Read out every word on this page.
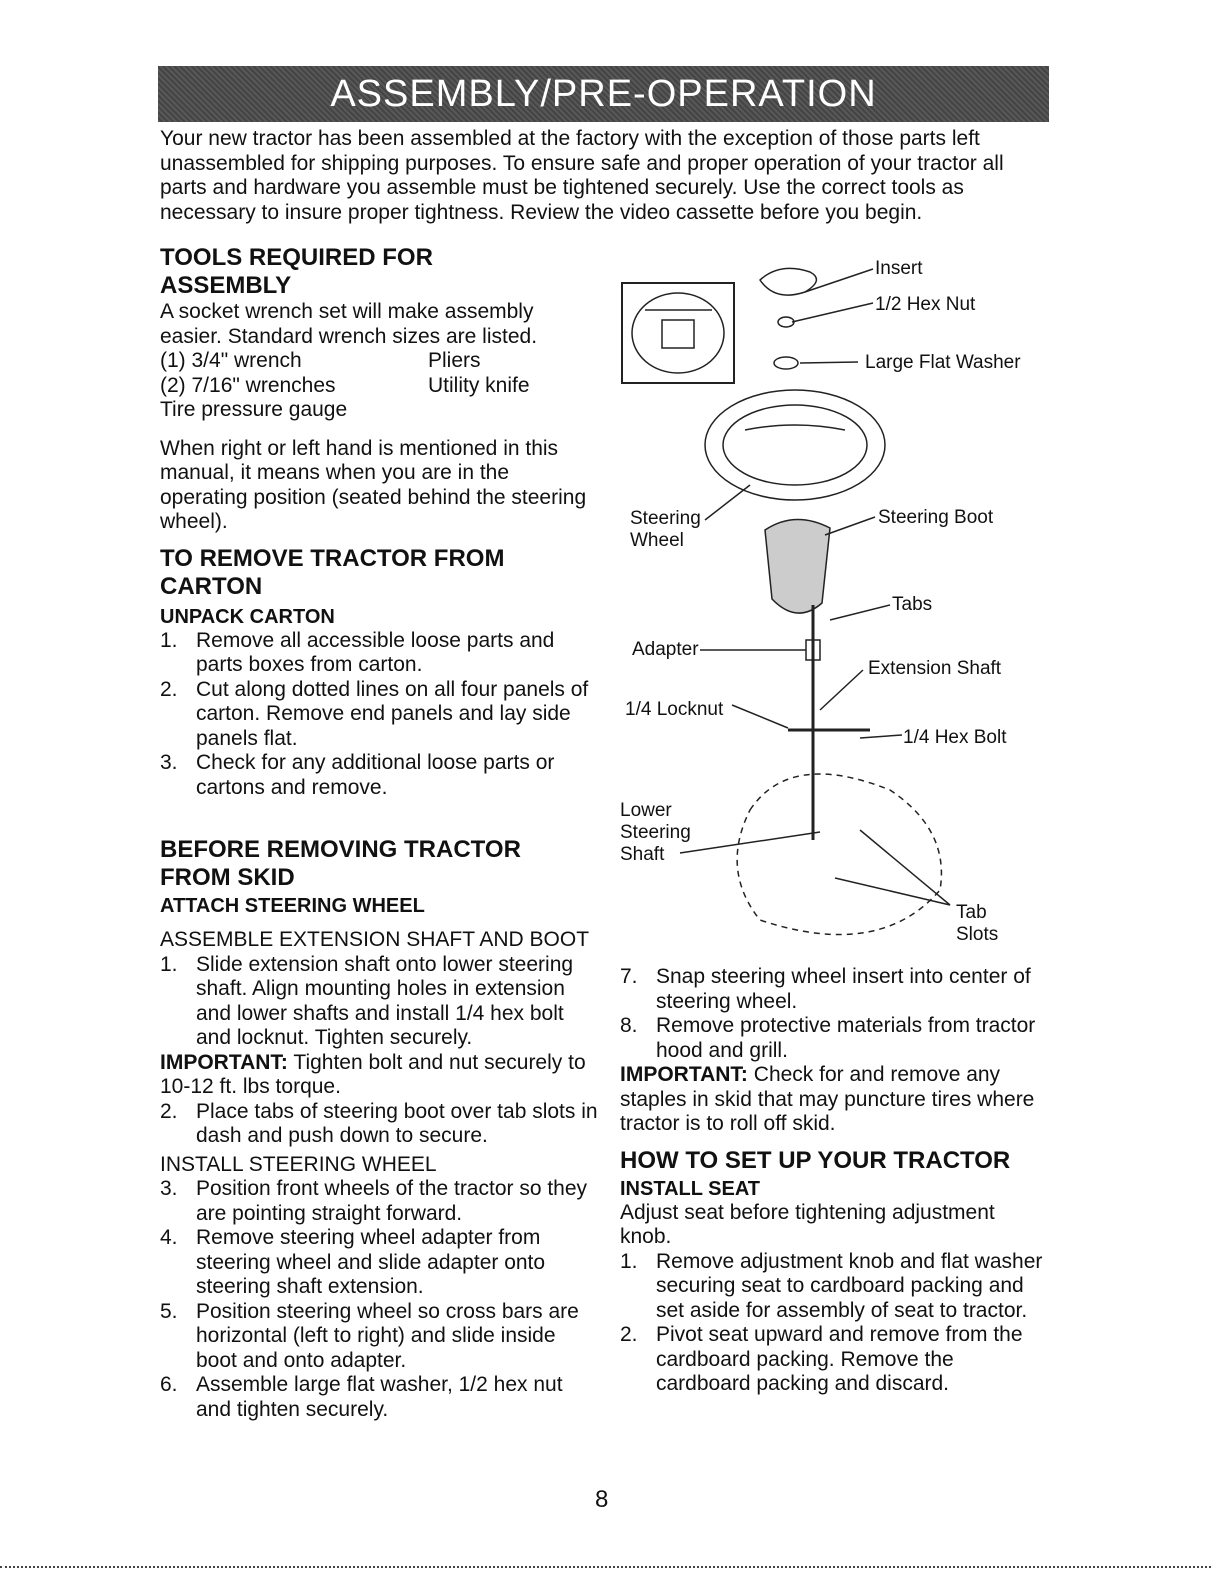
ASSEMBLY/PRE-OPERATION
Your new tractor has been assembled at the factory with the exception of those parts left unassembled for shipping purposes. To ensure safe and proper operation of your tractor all parts and hardware you assemble must be tightened securely. Use the correct tools as necessary to insure proper tightness. Review the video cassette before you begin.
TOOLS REQUIRED FOR
ASSEMBLY

A socket wrench set will make assembly easier. Standard wrench sizes are listed.

(1) 3/4" wrench	Pliers
(2) 7/16" wrenches	Utility knife
Tire pressure gauge

When right or left hand is mentioned in this manual, it means when you are in the operating position (seated behind the steering wheel).

TO REMOVE TRACTOR FROM
CARTON
UNPACK CARTON
1. Remove all accessible loose parts and parts boxes from carton.
2. Cut along dotted lines on all four panels of carton. Remove end panels and lay side panels flat.
3. Check for any additional loose parts or cartons and remove.
BEFORE REMOVING TRACTOR
FROM SKID
ATTACH STEERING WHEEL

ASSEMBLE EXTENSION SHAFT AND BOOT

1. Slide extension shaft onto lower steering shaft. Align mounting holes in extension and lower shafts and install 1/4 hex bolt and locknut. Tighten securely.

IMPORTANT: Tighten bolt and nut securely to 10-12 ft. lbs torque.

2. Place tabs of steering boot over tab slots in dash and push down to secure.

INSTALL STEERING WHEEL

3. Position front wheels of the tractor so they are pointing straight forward.
4. Remove steering wheel adapter from steering wheel and slide adapter onto steering shaft extension.
5. Position steering wheel so cross bars are horizontal (left to right) and slide inside boot and onto adapter.
6. Assemble large flat washer, 1/2 hex nut and tighten securely.
Insert
1/2 Hex Nut
Large Flat Washer
Steering
Wheel
Steering Boot
Tabs
Adapter
Extension Shaft
1/4 Locknut
1/4 Hex Bolt
Lower
Steering
Shaft
Tab
Slots
7. Snap steering wheel insert into center of steering wheel.
8. Remove protective materials from tractor hood and grill.

IMPORTANT: Check for and remove any staples in skid that may puncture tires where tractor is to roll off skid.

HOW TO SET UP YOUR TRACTOR
INSTALL SEAT

Adjust seat before tightening adjustment knob.

1. Remove adjustment knob and flat washer securing seat to cardboard packing and set aside for assembly of seat to tractor.
2. Pivot seat upward and remove from the cardboard packing. Remove the cardboard packing and discard.
8
